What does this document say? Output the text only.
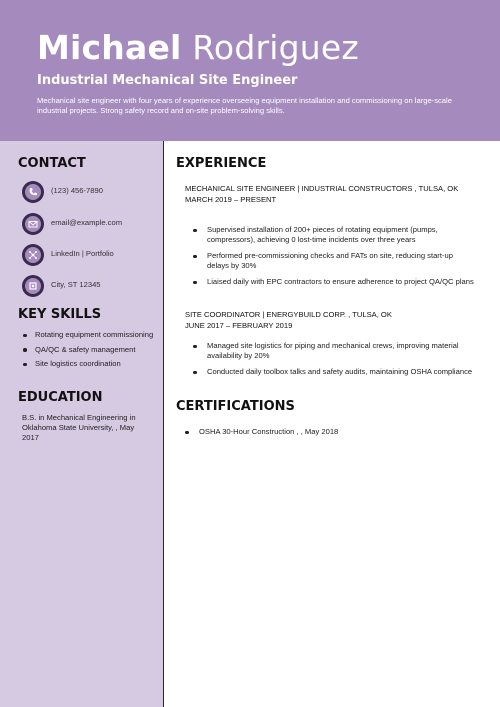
Michael Rodriguez
Industrial Mechanical Site Engineer
Mechanical site engineer with four years of experience overseeing equipment installation and commissioning on large-scale industrial projects. Strong safety record and on-site problem-solving skills.
CONTACT
(123) 456-7890
email@example.com
LinkedIn | Portfolio
City, ST 12345
KEY SKILLS
Rotating equipment commissioning
QA/QC & safety management
Site logistics coordination
EDUCATION
B.S. in Mechanical Engineering in Oklahoma State University, , May 2017
EXPERIENCE
MECHANICAL SITE ENGINEER | INDUSTRIAL CONSTRUCTORS , TULSA, OK
MARCH 2019 – PRESENT
Supervised installation of 200+ pieces of rotating equipment (pumps, compressors), achieving 0 lost-time incidents over three years
Performed pre-commissioning checks and FATs on site, reducing start-up delays by 30%
Liaised daily with EPC contractors to ensure adherence to project QA/QC plans
SITE COORDINATOR | ENERGYBUILD CORP. , TULSA, OK
JUNE 2017 – FEBRUARY 2019
Managed site logistics for piping and mechanical crews, improving material availability by 20%
Conducted daily toolbox talks and safety audits, maintaining OSHA compliance
CERTIFICATIONS
OSHA 30-Hour Construction , , May 2018
